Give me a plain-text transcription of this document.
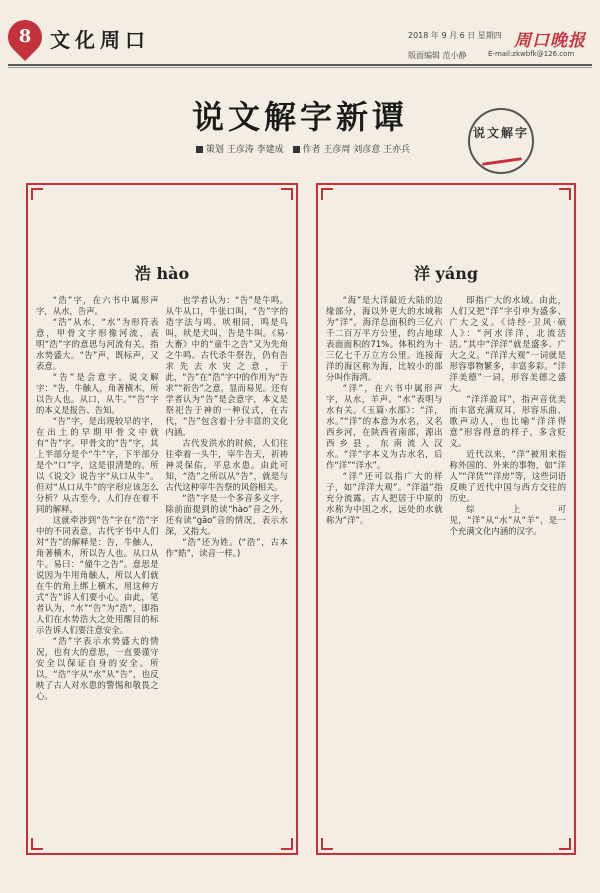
8 文化周口	2018 年 9 月 6 日 星期四 周口晚报
版面编辑 范小静	E-mail:zkwbfk@126.com
说文解字新谭
策划 王彦涛 李建成 作者 王彦周 刘彦意 王亦兵
说文解字
浩 hào

“浩”字，在六书中属形声字，从水，告声。

“浩”从水，“水”为形符表意，甲骨文字形像河流，表明“浩”字的意思与河流有关。指水势盛大。“告”声，既标声，又表意。

“告”是会意字。说文解字：“告，牛触人，角著横木，所以告人也。从口，从牛。”“告”字的本义是报告、告知。

“告”字，是出现较早的字，在出土的早期甲骨文中就有“告”字。甲骨文的“告”字，其上半部分是个“牛”字，下半部分是个“口”字，这是很清楚的。所以《说文》说告字“从口从牛”。但对“从口从牛”的字形应该怎么分析？从古至今，人们存在着不同的解释。

这就牵涉到“告”字在“浩”字中的不同表意，古代字书中人们对“告”的解释是：告，牛触人，角著横木，所以告人也。从口从牛。易曰：“僮牛之告”。意思是说因为牛用角触人，所以人们就在牛的角上绑上横木，用这种方式“告”诉人们要小心。由此，笔者认为，“水”“告”为“浩”，即指人们在水势浩大之处用醒目的标示告诉人们要注意安全。

“浩”字表示水势盛大的情况，也有大的意思，一直要谨守安全以保证自身的安全。所以，“浩”字从“水”从“告”，也反映了古人对水患的警惕和敬畏之心。

也学者认为：“告”是牛鸣。从牛从口，牛张口叫，“告”字的造字法与鸣、吠相同，鸣是鸟叫，吠是犬叫，告是牛叫。《易·大畜》中的“童牛之告”又为先角之牛鸣。古代杀牛祭告，仍有告求先去水灾之意，于此，“告”在“浩”字中的作用为“告求”“祈告”之意，显而易见。还有学者认为“告”是会意字，本义是祭祀告于神的一种仪式，在古代，“告”包含着十分丰富的文化内涵。

古代发洪水的时候，人们往往牵着一头牛，宰牛告天，祈祷神灵保佑，平息水患。由此可知，“浩”之所以从“告”，就是与古代这种宰牛告祭的风俗相关。

“浩”字是一个多音多义字，除前面提到的读“hào”音之外，还有读“gǎo”音的情况，表示水深，又指大。

“浩”还为姓。(“浩”，古本作“皓”，读音一样。)

洋 yáng

“海”是大洋最近大陆的边缘部分，海以外更大的水域称为“洋”。海洋总面积约三亿六千二百万平方公里，约占地球表面面积的71%。体积约为十三亿七千万立方公里。连接海洋的海区称为海，比较小的部分叫作海湾。

“洋”，在六书中属形声字，从水，羊声。“水”表明与水有关。《玉篇·水部》：“洋，水。”“洋”的本意为水名，又名西乡河，在陕西省南部，源出西乡县，东南流入汉水。“洋”字本义为古水名，后作“洋”“洋水”。

“洋”还可以指广大的样子，如“洋洋大观”。“洋溢”指充分流露。古人把居于中原的水称为中国之水，远处的水就称为“洋”。

即指广大的水域。由此，人们又把“洋”字引申为盛多、广大之义。《诗经·卫风·硕人》：“河水洋洋，北流活活。”其中“洋洋”就是盛多、广大之义。“洋洋大观”一词就是形容事物繁多，丰富多彩。“洋洋美德”一词，形容美德之盛大。

“洋洋盈耳”，指声音优美而丰富充满双耳，形容乐曲、歌声动人，也比喻“洋洋得意”形容得意的样子，多含贬义。

近代以来，“洋”被用来指称外国的、外来的事物，如“洋人”“洋货”“洋房”等，这些词语反映了近代中国与西方交往的历史。

综上可见，“洋”从“水”从“羊”，是一个充满文化内涵的汉字。
